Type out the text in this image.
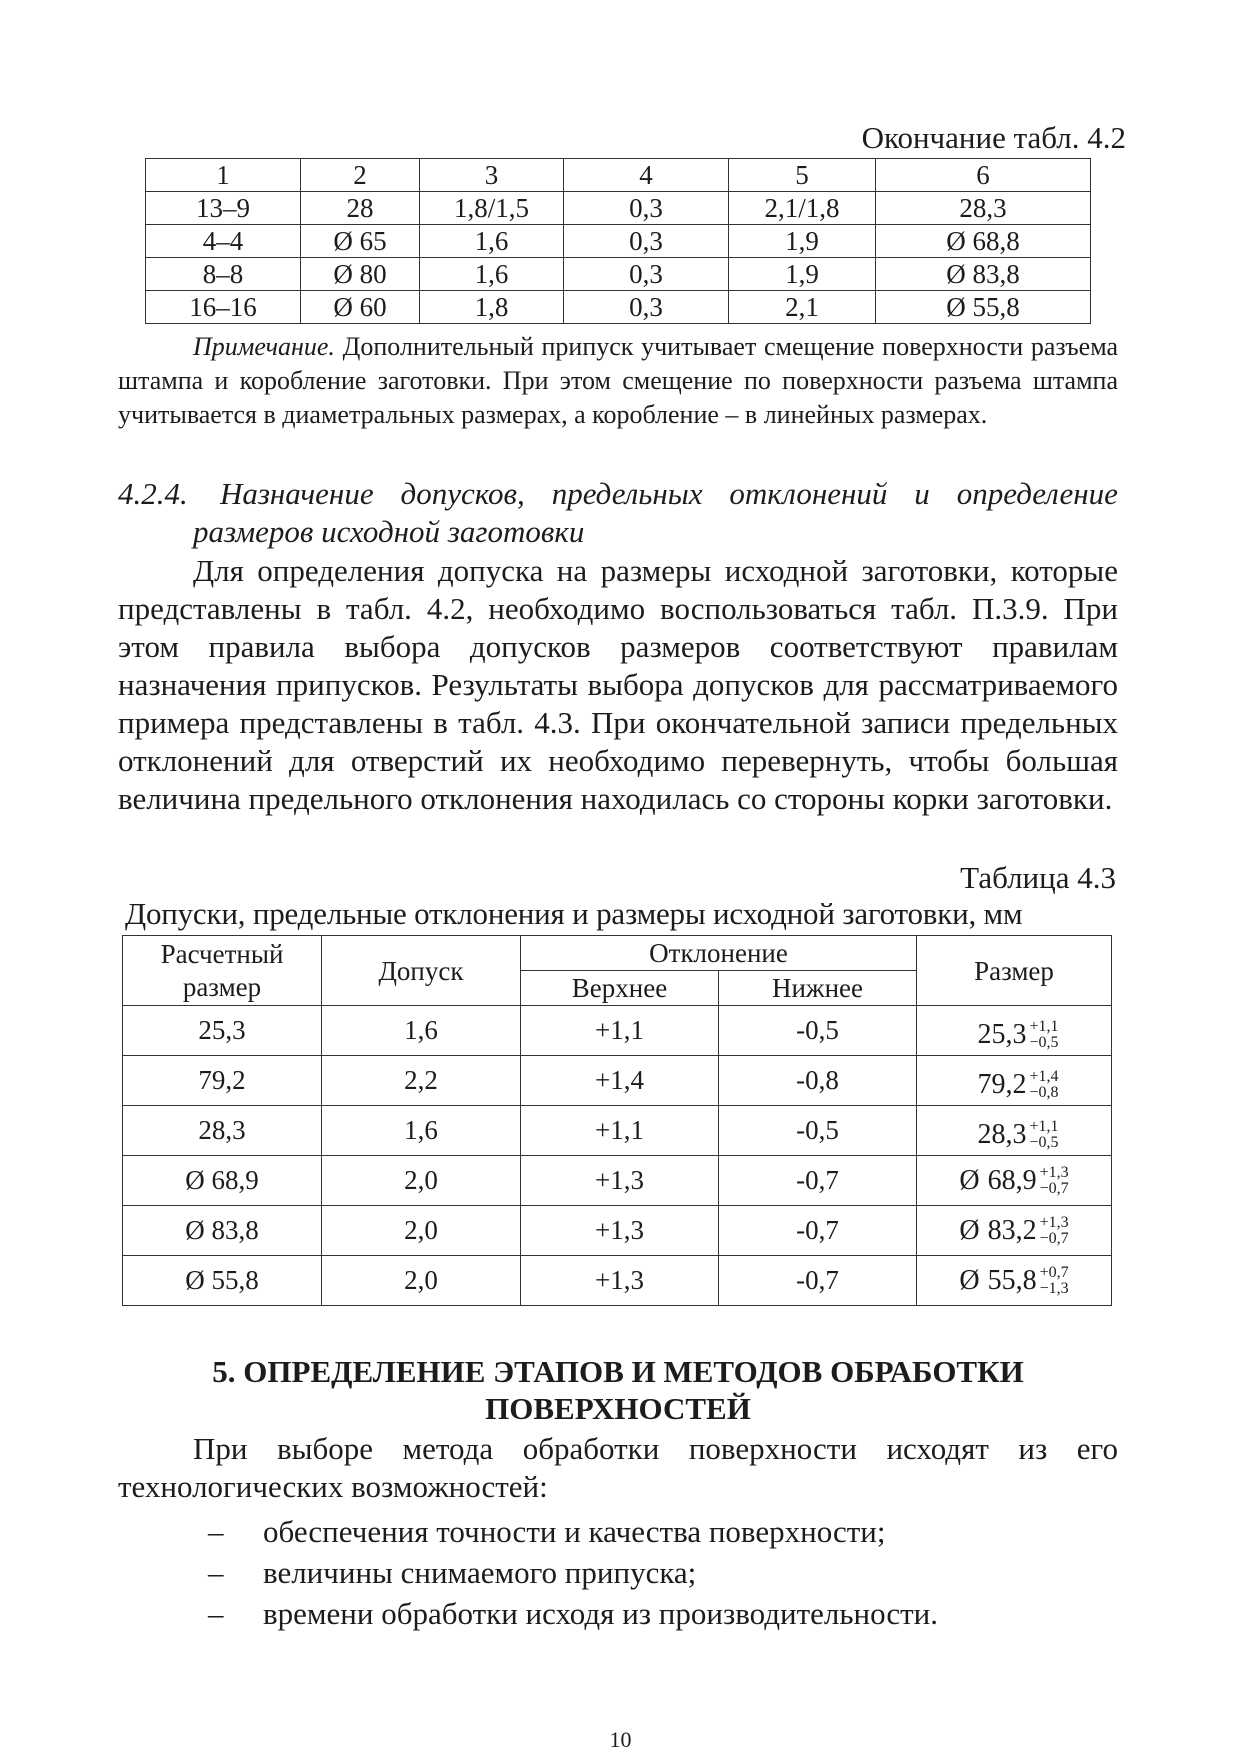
Окончание табл. 4.2
1	2	3	4	5	6
13–9	28	1,8/1,5	0,3	2,1/1,8	28,3
4–4	Ø 65	1,6	0,3	1,9	Ø 68,8
8–8	Ø 80	1,6	0,3	1,9	Ø 83,8
16–16	Ø 60	1,8	0,3	2,1	Ø 55,8
Примечание. Дополнительный припуск учитывает смещение поверхности разъема штампа и коробление заготовки. При этом смещение по поверхности разъема штампа учитывается в диаметральных размерах, а коробление – в линейных размерах.
4.2.4. Назначение допусков, предельных отклонений и определение
размеров исходной заготовки

Для определения допуска на размеры исходной заготовки, которые представлены в табл. 4.2, необходимо воспользоваться табл. П.3.9. При этом правила выбора допусков размеров соответствуют правилам назначения припусков. Результаты выбора допусков для рассматриваемого примера представлены в табл. 4.3. При окончательной записи предельных отклонений для отверстий их необходимо перевернуть, чтобы большая величина предельного отклонения находилась со стороны корки заготовки.

Таблица 4.3
Допуски, предельные отклонения и размеры исходной заготовки, мм
Расчетный размер	Допуск	Отклонение		Размер
		Верхнее	Нижнее	
25,3	1,6	+1,1	-0,5	25,3 +1,1
−0,5

79,2	2,2	+1,4	-0,8	79,2 +1,4
−0,8

28,3	1,6	+1,1	-0,5	28,3 +1,1
−0,5

Ø 68,9	2,0	+1,3	-0,7	Ø 68,9 +1,3
−0,7

Ø 83,8	2,0	+1,3	-0,7	Ø 83,2 +1,3
−0,7

Ø 55,8	2,0	+1,3	-0,7	Ø 55,8 +0,7
−1,3
5. ОПРЕДЕЛЕНИЕ ЭТАПОВ И МЕТОДОВ ОБРАБОТКИ
ПОВЕРХНОСТЕЙ

При выборе метода обработки поверхности исходят из его технологических возможностей:

–	обеспечения точности и качества поверхности;
–	величины снимаемого припуска;
–	времени обработки исходя из производительности.
10
